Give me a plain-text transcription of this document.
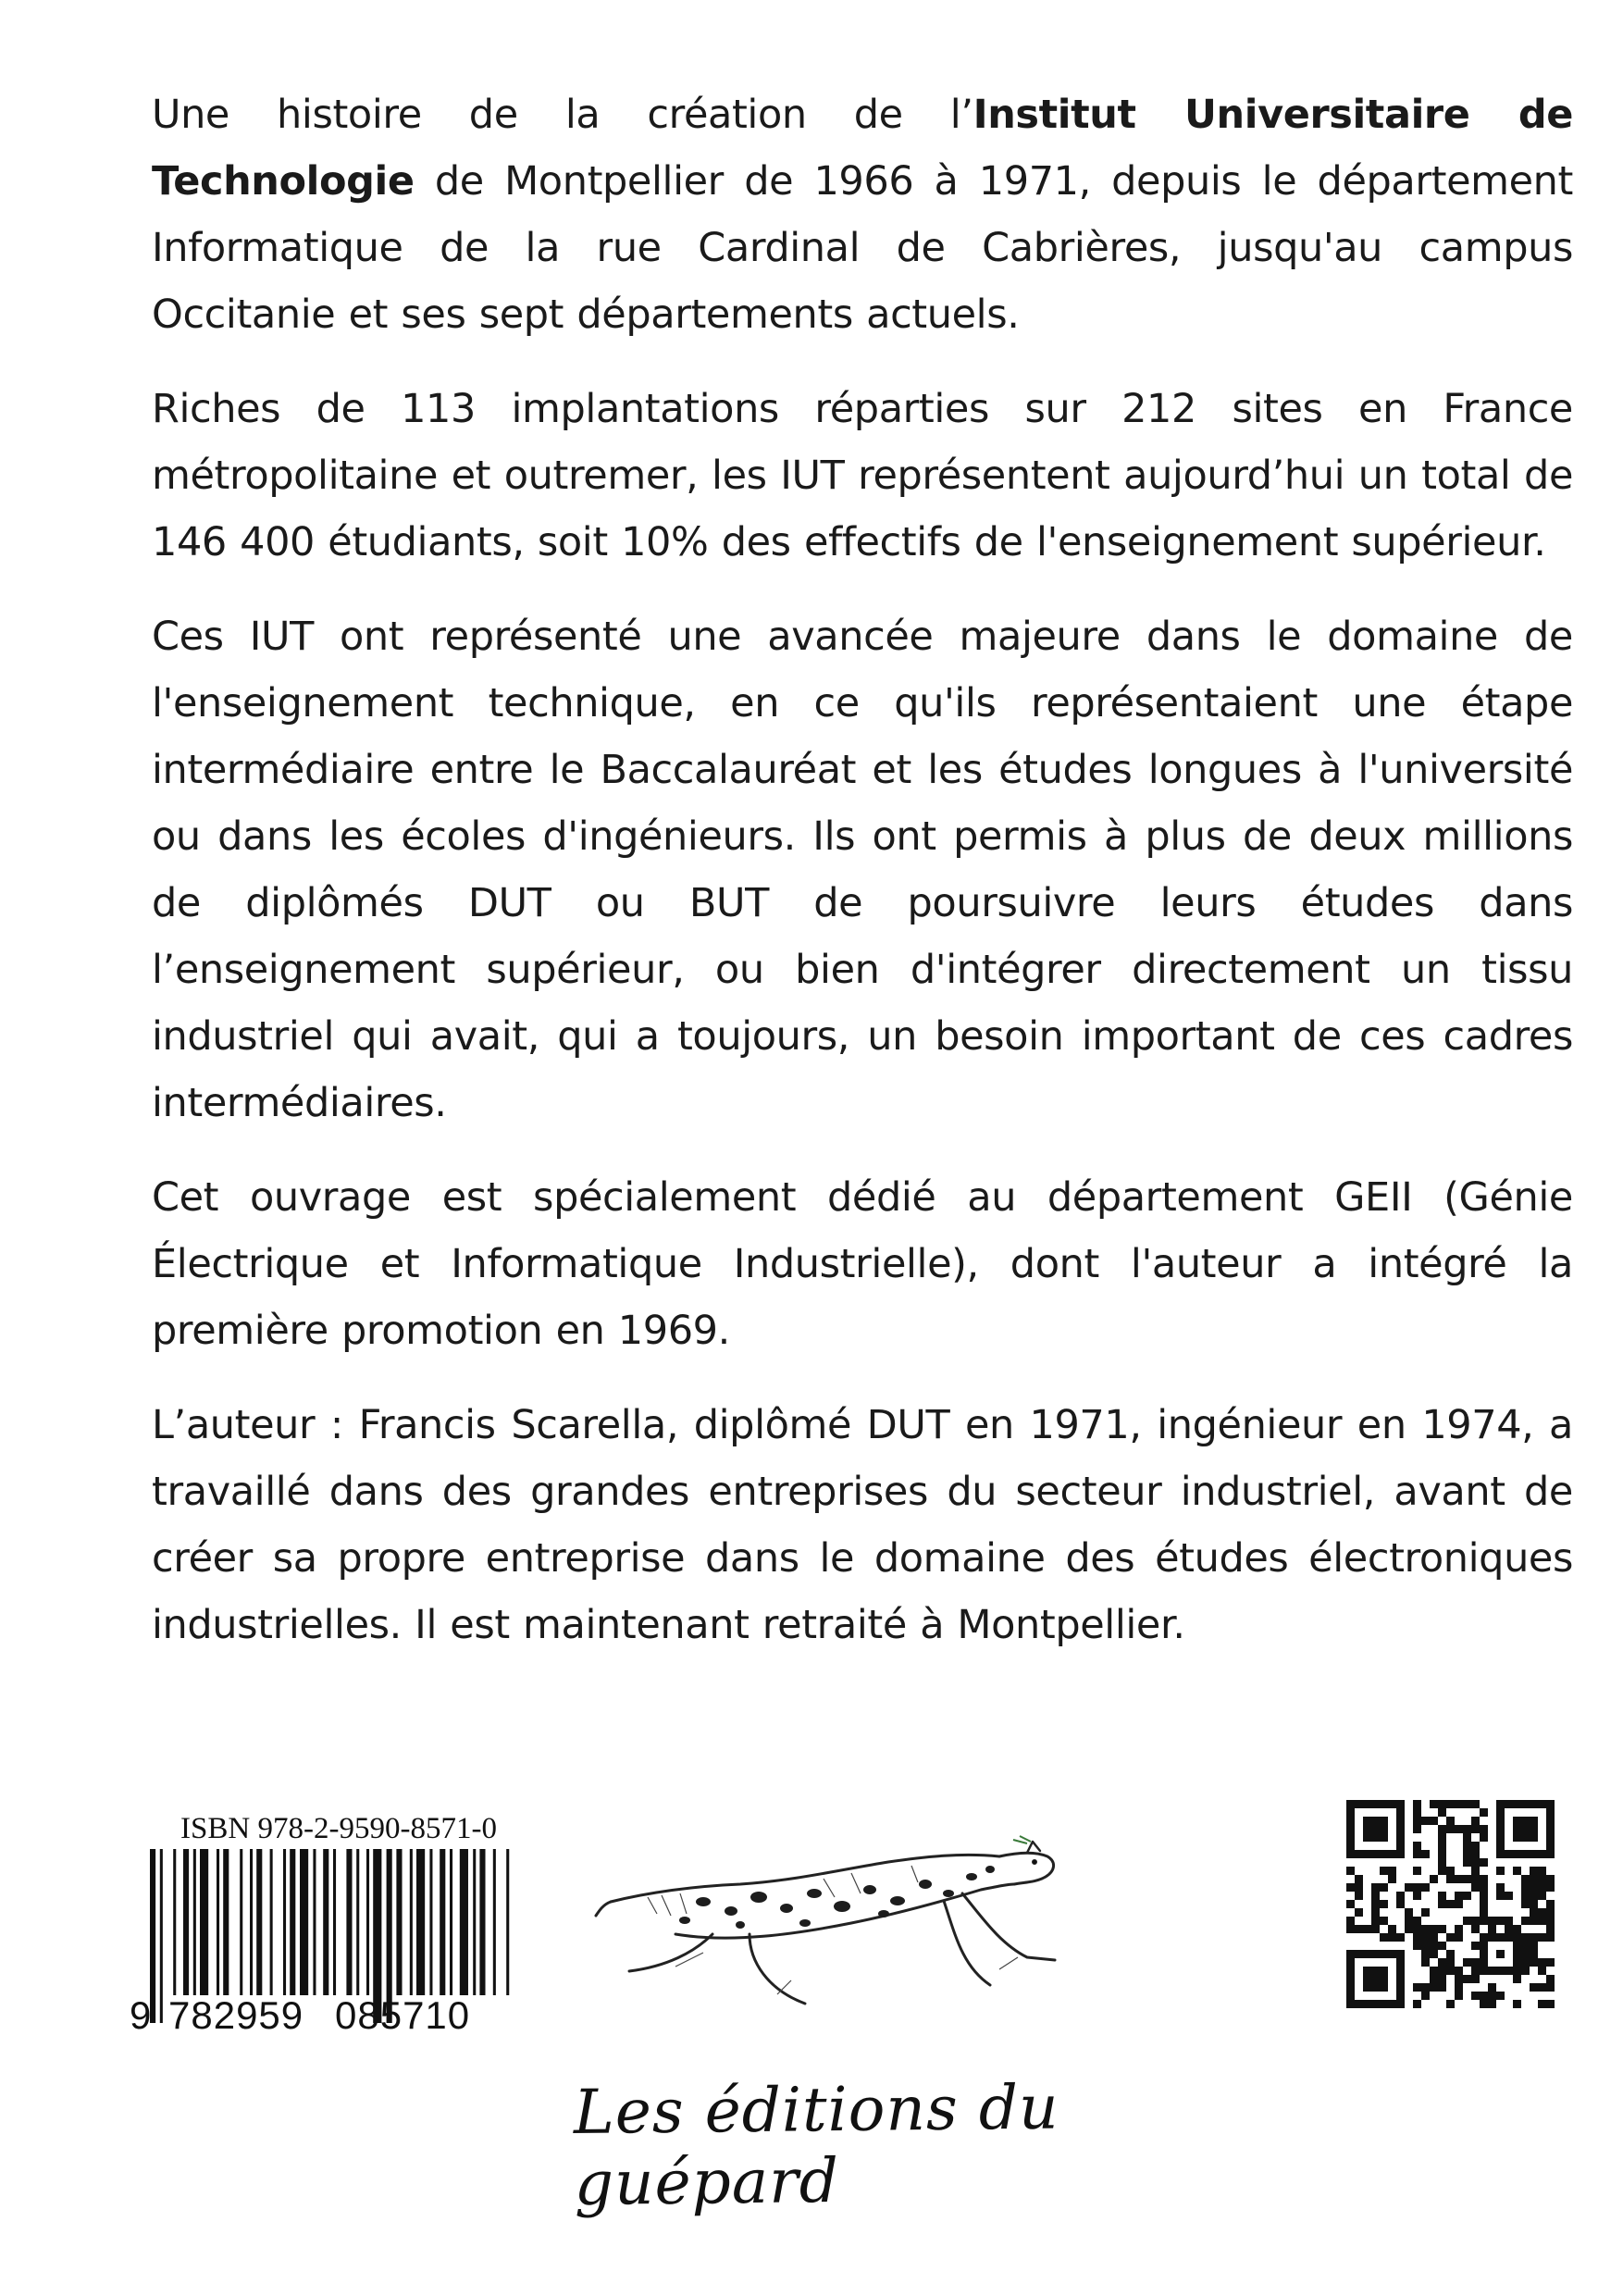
Une histoire de la création de l’Institut Universitaire de Technologie de Montpellier de 1966 à 1971, depuis le département Informatique de la rue Cardinal de Cabrières, jusqu'au campus Occitanie et ses sept départements actuels.

Riches de 113 implantations réparties sur 212 sites en France métropolitaine et outremer, les IUT représentent aujourd’hui un total de 146 400 étudiants, soit 10% des effectifs de l'enseignement supérieur.

Ces IUT ont représenté une avancée majeure dans le domaine de l'enseignement technique, en ce qu'ils représentaient une étape intermédiaire entre le Baccalauréat et les études longues à l'université ou dans les écoles d'ingénieurs. Ils ont permis à plus de deux millions de diplômés DUT ou BUT de poursuivre leurs études dans l’enseignement supérieur, ou bien d'intégrer directement un tissu industriel qui avait, qui a toujours, un besoin important de ces cadres intermédiaires.

Cet ouvrage est spécialement dédié au département GEII (Génie Électrique et Informatique Industrielle), dont l'auteur a intégré la première promotion en 1969.

L’auteur : Francis Scarella, diplômé DUT en 1971, ingénieur en 1974, a travaillé dans des grandes entreprises du secteur industriel, avant de créer sa propre entreprise dans le domaine des études électroniques industrielles. Il est maintenant retraité à Montpellier.

ISBN 978-2-9590-8571-0
9 782959 085710
Les éditions du guépard
